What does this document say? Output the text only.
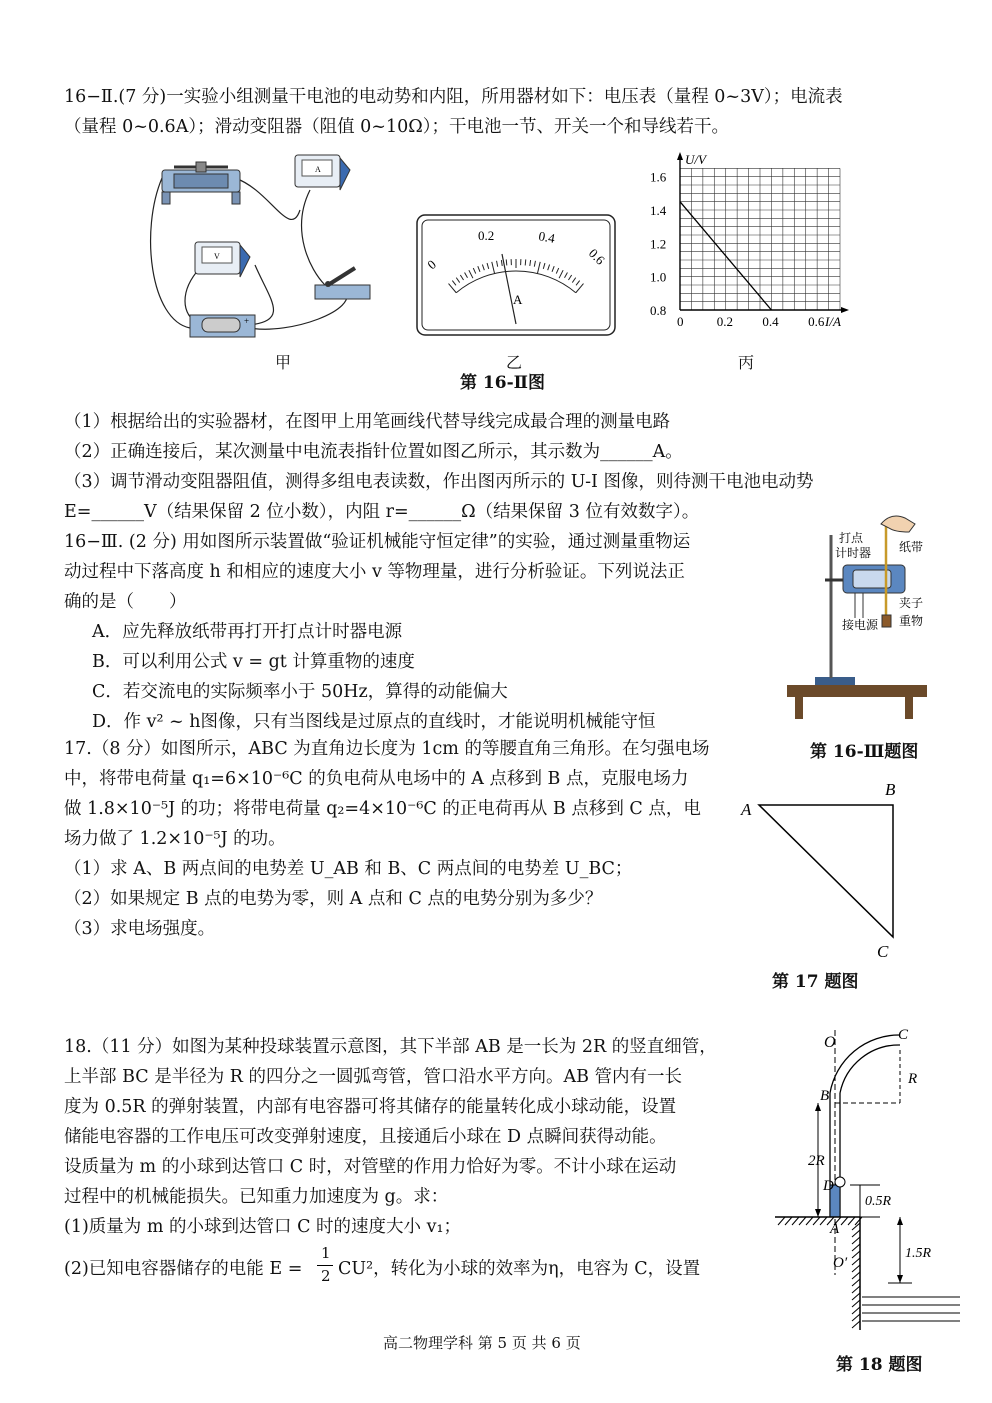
16−Ⅱ.(7 分)一实验小组测量干电池的电动势和内阻，所用器材如下：电压表（量程 0~3V）；电流表
（量程 0~0.6A）；滑动变阻器（阻值 0~10Ω）；干电池一节、开关一个和导线若干。
A
V
+
甲
0
0.2	0.4
0.6
A
乙
U/V
I/A
1.6
1.4
1.2
1.0
0.8
0	0.2 0.4 0.6
丙
第 16-Ⅱ图
（1）根据给出的实验器材，在图甲上用笔画线代替导线完成最合理的测量电路
（2）正确连接后，某次测量中电流表指针位置如图乙所示，其示数为______A。
（3）调节滑动变阻器阻值，测得多组电表读数，作出图丙所示的 U-I 图像，则待测干电池电动势
E=______V（结果保留 2 位小数），内阻 r=______Ω（结果保留 3 位有效数字）。
16−Ⅲ. (2 分) 用如图所示装置做“验证机械能守恒定律”的实验，通过测量重物运
动过程中下落高度 h 和相应的速度大小 v 等物理量，进行分析验证。下列说法正
确的是（　　）
A．应先释放纸带再打开打点计时器电源
B．可以利用公式 v = gt 计算重物的速度
C．若交流电的实际频率小于 50Hz，算得的动能偏大
D．作 v² ~ h图像，只有当图线是过原点的直线时，才能说明机械能守恒
打点
计时器 纸带
夹子
接电源 重物
第 16-Ⅲ题图
17.（8 分）如图所示，ABC 为直角边长度为 1cm 的等腰直角三角形。在匀强电场
中，将带电荷量 q₁=6×10⁻⁶C 的负电荷从电场中的 A 点移到 B 点，克服电场力
做 1.8×10⁻⁵J 的功；将带电荷量 q₂=4×10⁻⁶C 的正电荷再从 B 点移到 C 点，电
场力做了 1.2×10⁻⁵J 的功。
（1）求 A、B 两点间的电势差 U_AB 和 B、C 两点间的电势差 U_BC；
（2）如果规定 B 点的电势为零，则 A 点和 C 点的电势分别为多少？
（3）求电场强度。
A
B
C
第 17 题图
18.（11 分）如图为某种投球装置示意图，其下半部 AB 是一长为 2R 的竖直细管，
上半部 BC 是半径为 R 的四分之一圆弧弯管，管口沿水平方向。AB 管内有一长
度为 0.5R 的弹射装置，内部有电容器可将其储存的能量转化成小球动能，设置
储能电容器的工作电压可改变弹射速度，且接通后小球在 D 点瞬间获得动能。
设质量为 m 的小球到达管口 C 时，对管壁的作用力恰好为零。不计小球在运动
过程中的机械能损失。已知重力加速度为 g。求：
(1)质量为 m 的小球到达管口 C 时的速度大小 v₁；
(2)已知电容器储存的电能 E =
1
2 CU²，转化为小球的效率为η，电容为 C，设置
O	C
R
B
2R
D
0.5R
A
O′
1.5R
第 18 题图
高二物理学科 第 5 页 共 6 页
